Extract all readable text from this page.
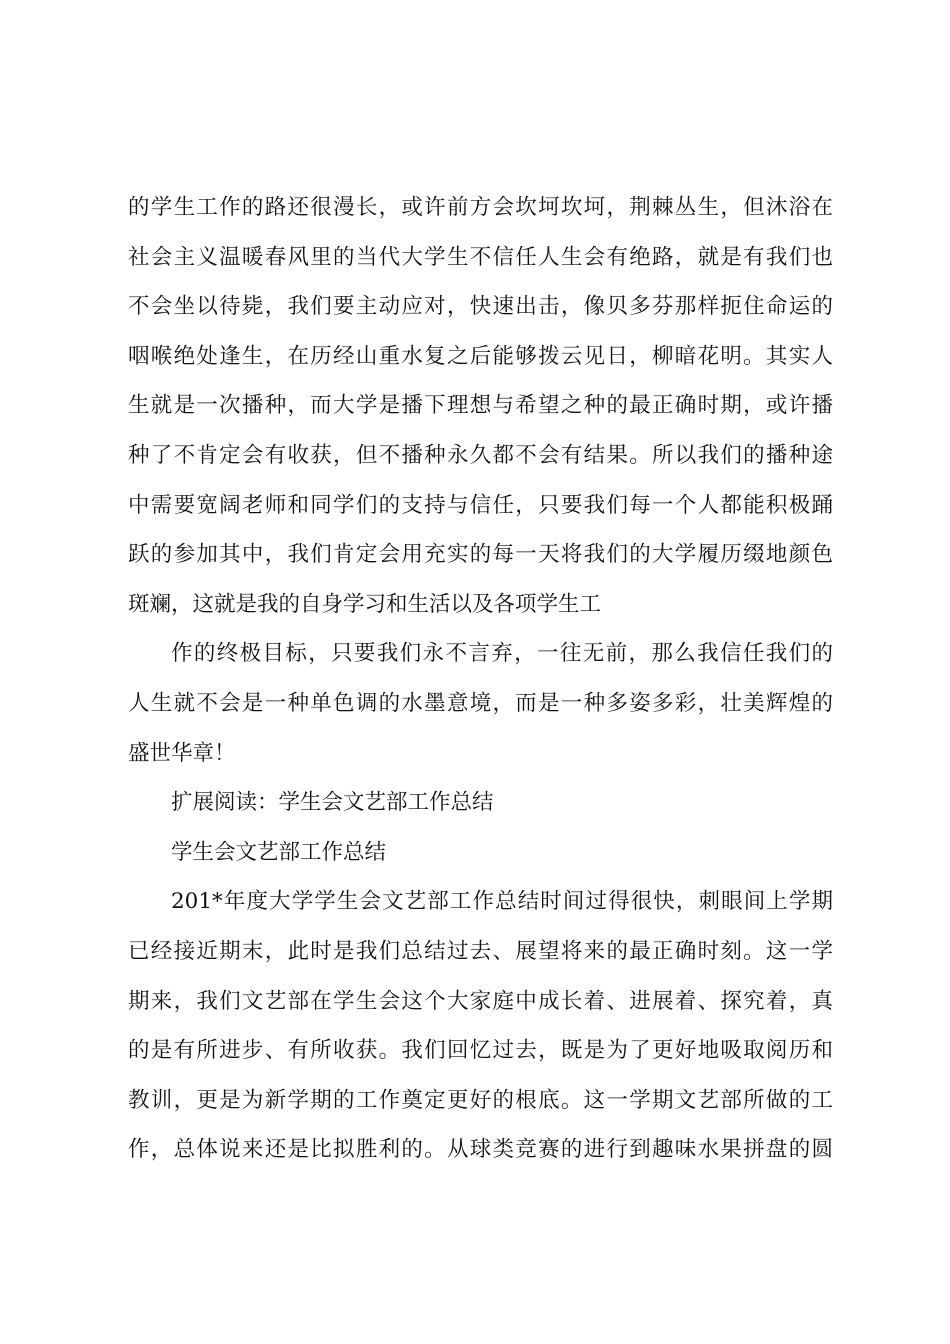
的学生工作的路还很漫长，或许前方会坎坷坎坷，荆棘丛生，但沐浴在
社会主义温暖春风里的当代大学生不信任人生会有绝路，就是有我们也
不会坐以待毙，我们要主动应对，快速出击，像贝多芬那样扼住命运的
咽喉绝处逢生，在历经山重水复之后能够拨云见日，柳暗花明。其实人
生就是一次播种，而大学是播下理想与希望之种的最正确时期，或许播
种了不肯定会有收获，但不播种永久都不会有结果。所以我们的播种途
中需要宽阔老师和同学们的支持与信任，只要我们每一个人都能积极踊
跃的参加其中，我们肯定会用充实的每一天将我们的大学履历缀地颜色
斑斓，这就是我的自身学习和生活以及各项学生工
作的终极目标，只要我们永不言弃，一往无前，那么我信任我们的
人生就不会是一种单色调的水墨意境，而是一种多姿多彩，壮美辉煌的
盛世华章！
扩展阅读：学生会文艺部工作总结
学生会文艺部工作总结
201*年度大学学生会文艺部工作总结时间过得很快，刺眼间上学期
已经接近期末，此时是我们总结过去、展望将来的最正确时刻。这一学
期来，我们文艺部在学生会这个大家庭中成长着、进展着、探究着，真
的是有所进步、有所收获。我们回忆过去，既是为了更好地吸取阅历和
教训，更是为新学期的工作奠定更好的根底。这一学期文艺部所做的工
作，总体说来还是比拟胜利的。从球类竞赛的进行到趣味水果拼盘的圆
